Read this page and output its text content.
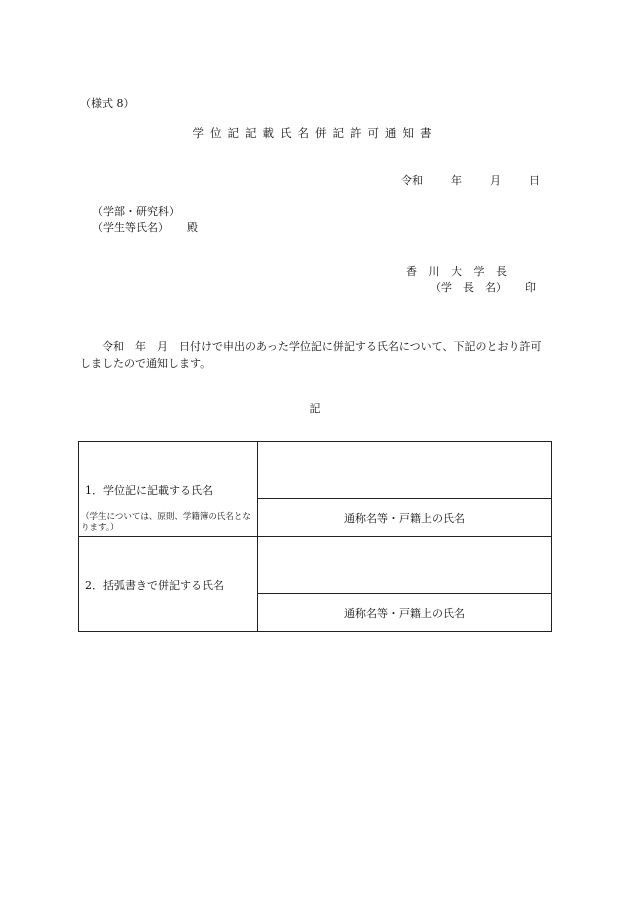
（様式 8）
学位記記載氏名併記許可通知書
令和	年	月	日
（学部・研究科）
（学生等氏名） 殿
香 川 大 学 長
（学　長　名） 印
令和　年　月　日付けで申出のあった学位記に併記する氏名について、下記のとおり許可しましたので通知します。
記
1．学位記に記載する氏名
（学生については、原則、学籍簿の氏名となります。）	

	通称名等・戸籍上の氏名

2．括弧書きで併記する氏名	

	通称名等・戸籍上の氏名
